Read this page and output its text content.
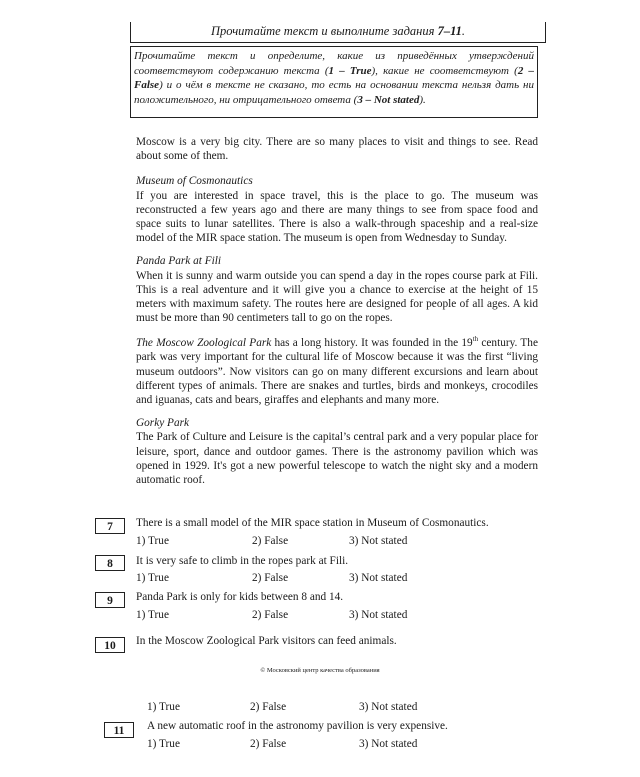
Прочитайте текст и выполните задания 7–11.
Прочитайте текст и определите, какие из приведённых утверждений соответствуют содержанию текста (1 – True), какие не соответствуют (2 – False) и о чём в тексте не сказано, то есть на основании текста нельзя дать ни положительного, ни отрицательного ответа (3 – Not stated).

Moscow is a very big city. There are so many places to visit and things to see. Read about some of them.

Museum of Cosmonautics

If you are interested in space travel, this is the place to go. The museum was reconstructed a few years ago and there are many things to see from space food and space suits to lunar satellites. There is also a walk-through spaceship and a real-size model of the MIR space station. The museum is open from Wednesday to Sunday.

Panda Park at Fili

When it is sunny and warm outside you can spend a day in the ropes course park at Fili. This is a real adventure and it will give you a chance to exercise at the height of 15 meters with maximum safety. The routes here are designed for people of all ages. A kid must be more than 90 centimeters tall to go on the ropes.

The Moscow Zoological Park has a long history. It was founded in the 19th century. The park was very important for the cultural life of Moscow because it was the first “living museum outdoors”. Now visitors can go on many different excursions and learn about different types of animals. There are snakes and turtles, birds and monkeys, crocodiles and iguanas, cats and bears, giraffes and elephants and many more.

Gorky Park

The Park of Culture and Leisure is the capital’s central park and a very popular place for leisure, sport, dance and outdoor games. There is the astronomy pavilion which was opened in 1929. It's got a new powerful telescope to watch the night sky and a modern automatic roof.

7	There is a small model of the MIR space station in Museum of Cosmonautics.
1) True	2) False	3) Not stated
8	It is very safe to climb in the ropes park at Fili.
1) True	2) False	3) Not stated
9	Panda Park is only for kids between 8 and 14.
1) True	2) False	3) Not stated
10	In the Moscow Zoological Park visitors can feed animals.
© Московский центр качества образования
1) True	2) False	3) Not stated
11	A new automatic roof in the astronomy pavilion is very expensive.
1) True	2) False	3) Not stated
